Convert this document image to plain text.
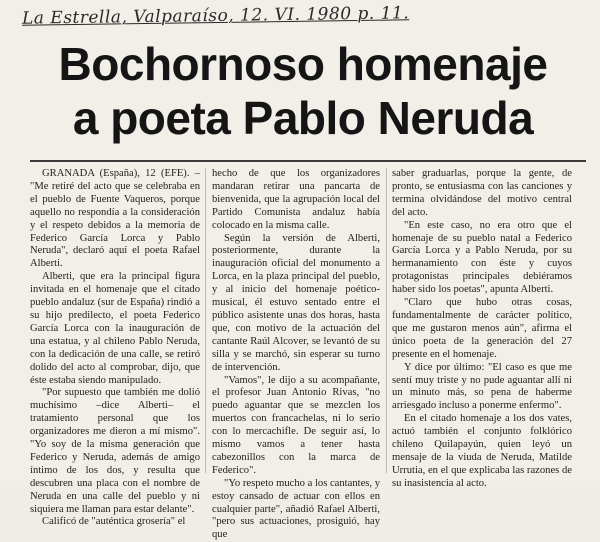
La Estrella, Valparaíso, 12. VI. 1980 p. 11.
Bochornoso homenaje
a poeta Pablo Neruda

GRANADA (España), 12 (EFE). – "Me retiré del acto que se celebraba en el pueblo de Fuente Vaqueros, porque aquello no respondía a la consideración y el respeto debidos a la memoria de Federico García Lorca y Pablo Neruda", declaró aquí el poeta Rafael Alberti.

Alberti, que era la principal figura invitada en el homenaje que el citado pueblo andaluz (sur de España) rindió a su hijo predilecto, el poeta Federico García Lorca con la inauguración de una estatua, y al chileno Pablo Neruda, con la dedicación de una calle, se retiró dolido del acto al comprobar, dijo, que éste estaba siendo manipulado.

"Por supuesto que también me dolió muchísimo –dice Alberti– el tratamiento personal que los organizadores me dieron a mí mismo". "Yo soy de la misma generación que Federico y Neruda, además de amigo íntimo de los dos, y resulta que descubren una placa con el nombre de Neruda en una calle del pueblo y ni siquiera me llaman para estar delante".

Calificó de "auténtica grosería" el

hecho de que los organizadores mandaran retirar una pancarta de bienvenida, que la agrupación local del Partido Comunista andaluz había colocado en la misma calle.

Según la versión de Alberti, posteriormente, durante la inauguración oficial del monumento a Lorca, en la plaza principal del pueblo, y al inicio del homenaje poético-musical, él estuvo sentado entre el público asistente unas dos horas, hasta que, con motivo de la actuación del cantante Raúl Alcover, se levantó de su silla y se marchó, sin esperar su turno de intervención.

"Vamos", le dijo a su acompañante, el profesor Juan Antonio Rivas, "no puedo aguantar que se mezclen los muertos con francachelas, ni lo serio con lo mercachifle. De seguir así, lo mismo vamos a tener hasta cabezonillos con la marca de Federico".

"Yo respeto mucho a los cantantes, y estoy cansado de actuar con ellos en cualquier parte", añadió Rafael Alberti, "pero sus actuaciones, prosiguió, hay que

saber graduarlas, porque la gente, de pronto, se entusiasma con las canciones y termina olvidándose del motivo central del acto.

"En este caso, no era otro que el homenaje de su pueblo natal a Federico García Lorca y a Pablo Neruda, por su hermanamiento con éste y cuyos protagonistas principales debiéramos haber sido los poetas", apunta Alberti.

"Claro que hubo otras cosas, fundamentalmente de carácter político, que me gustaron menos aún", afirma el único poeta de la generación del 27 presente en el homenaje.

Y dice por último: "El caso es que me sentí muy triste y no pude aguantar allí ni un minuto más, so pena de haberme arriesgado incluso a ponerme enfermo".

En el citado homenaje a los dos vates, actuó también el conjunto folklórico chileno Quilapayún, quien leyó un mensaje de la viuda de Neruda, Matilde Urrutia, en el que explicaba las razones de su inasistencia al acto.
